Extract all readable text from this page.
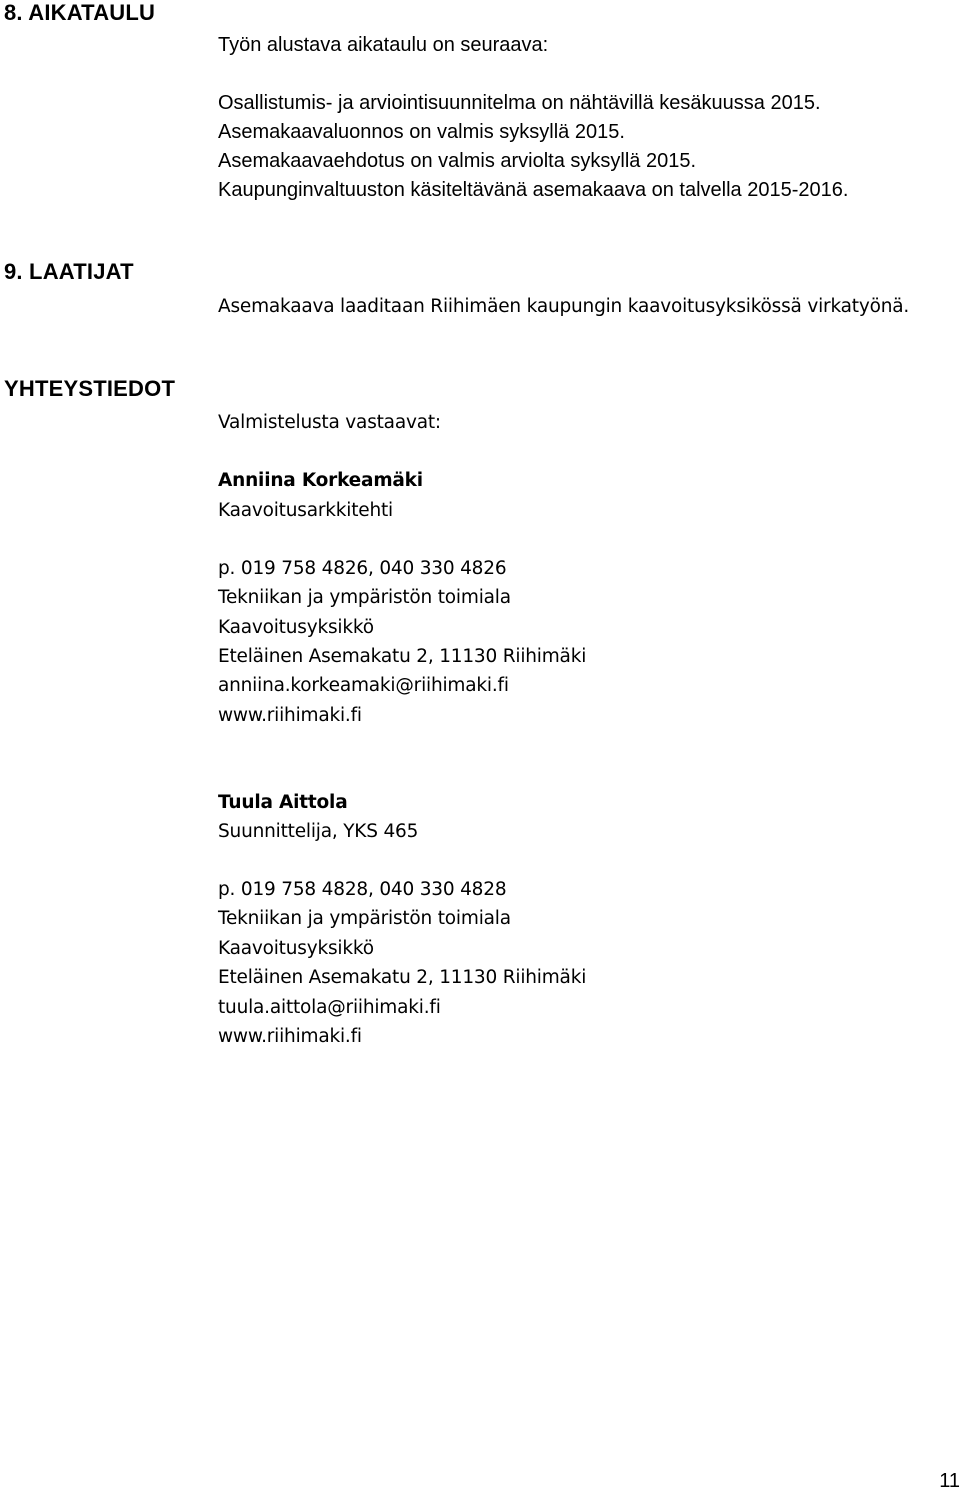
8. AIKATAULU
Työn alustava aikataulu on seuraava:
Osallistumis- ja arviointisuunnitelma on nähtävillä kesäkuussa 2015.
Asemakaavaluonnos on valmis syksyllä 2015.
Asemakaavaehdotus on valmis arviolta syksyllä 2015.
Kaupunginvaltuuston käsiteltävänä asemakaava on talvella 2015-2016.
9. LAATIJAT
Asemakaava laaditaan Riihimäen kaupungin kaavoitusyksikössä virkatyönä.
YHTEYSTIEDOT
Valmistelusta vastaavat:
Anniina Korkeamäki
Kaavoitusarkkitehti
p. 019 758 4826, 040 330 4826
Tekniikan ja ympäristön toimiala
Kaavoitusyksikkö
Eteläinen Asemakatu 2, 11130 Riihimäki
anniina.korkeamaki@riihimaki.fi
www.riihimaki.fi
Tuula Aittola
Suunnittelija, YKS 465
p. 019 758 4828, 040 330 4828
Tekniikan ja ympäristön toimiala
Kaavoitusyksikkö
Eteläinen Asemakatu 2, 11130 Riihimäki
tuula.aittola@riihimaki.fi
www.riihimaki.fi
11
